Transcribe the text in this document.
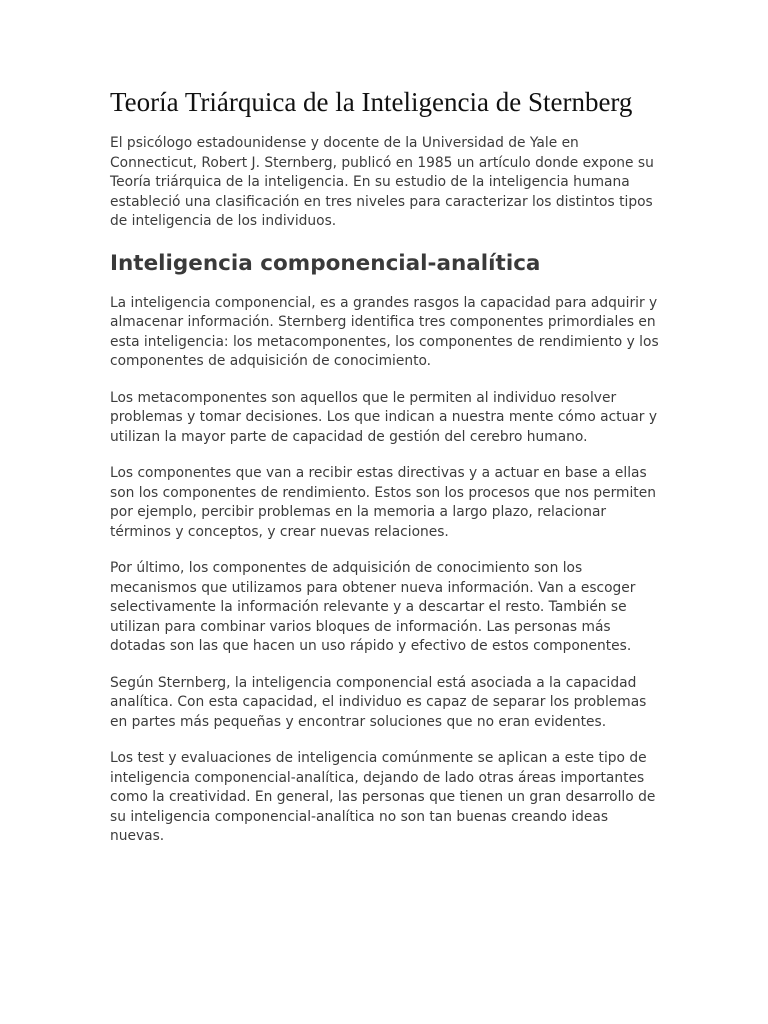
Teoría Triárquica de la Inteligencia de Sternberg

El psicólogo estadounidense y docente de la Universidad de Yale en Connecticut, Robert J. Sternberg, publicó en 1985 un artículo donde expone su Teoría triárquica de la inteligencia. En su estudio de la inteligencia humana estableció una clasificación en tres niveles para caracterizar los distintos tipos de inteligencia de los individuos.

Inteligencia componencial-analítica

La inteligencia componencial, es a grandes rasgos la capacidad para adquirir y almacenar información. Sternberg identifica tres componentes primordiales en esta inteligencia: los metacomponentes, los componentes de rendimiento y los componentes de adquisición de conocimiento.

Los metacomponentes son aquellos que le permiten al individuo resolver problemas y tomar decisiones. Los que indican a nuestra mente cómo actuar y utilizan la mayor parte de capacidad de gestión del cerebro humano.

Los componentes que van a recibir estas directivas y a actuar en base a ellas son los componentes de rendimiento. Estos son los procesos que nos permiten por ejemplo, percibir problemas en la memoria a largo plazo, relacionar términos y conceptos, y crear nuevas relaciones.

Por último, los componentes de adquisición de conocimiento son los mecanismos que utilizamos para obtener nueva información. Van a escoger selectivamente la información relevante y a descartar el resto. También se utilizan para combinar varios bloques de información. Las personas más dotadas son las que hacen un uso rápido y efectivo de estos componentes.

Según Sternberg, la inteligencia componencial está asociada a la capacidad analítica. Con esta capacidad, el individuo es capaz de separar los problemas en partes más pequeñas y encontrar soluciones que no eran evidentes.

Los test y evaluaciones de inteligencia comúnmente se aplican a este tipo de inteligencia componencial-analítica, dejando de lado otras áreas importantes como la creatividad. En general, las personas que tienen un gran desarrollo de su inteligencia componencial-analítica no son tan buenas creando ideas nuevas.
